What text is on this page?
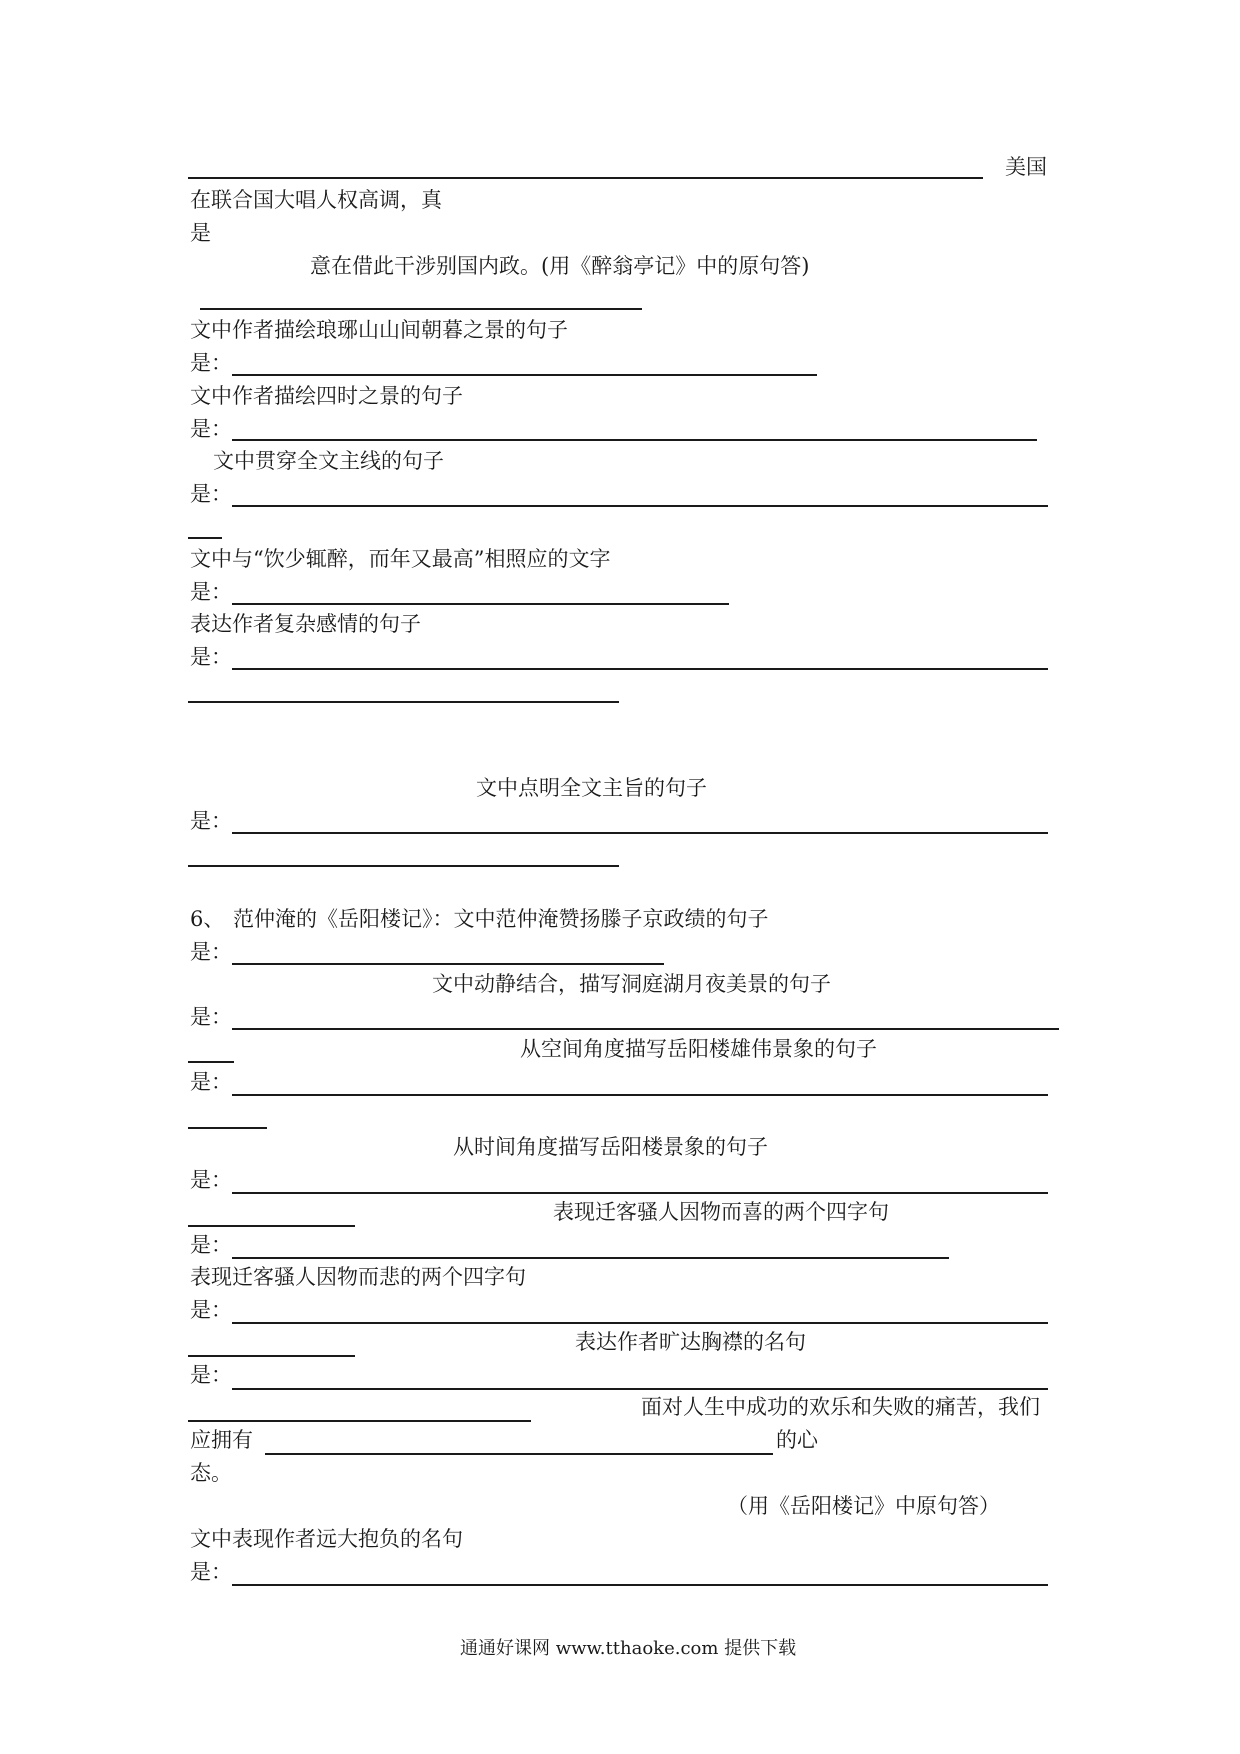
美国
在联合国大唱人权高调，真
是
意在借此干涉别国内政。(用《醉翁亭记》中的原句答)
文中作者描绘琅琊山山间朝暮之景的句子
是：
文中作者描绘四时之景的句子
是：
文中贯穿全文主线的句子
是：
文中与“饮少辄醉，而年又最高”相照应的文字
是：
表达作者复杂感情的句子
是：
文中点明全文主旨的句子
是：
6、 范仲淹的《岳阳楼记》：文中范仲淹赞扬滕子京政绩的句子
是：
文中动静结合，描写洞庭湖月夜美景的句子
是：
从空间角度描写岳阳楼雄伟景象的句子
是：
从时间角度描写岳阳楼景象的句子
是：
表现迁客骚人因物而喜的两个四字句
是：
表现迁客骚人因物而悲的两个四字句
是：
表达作者旷达胸襟的名句
是：
面对人生中成功的欢乐和失败的痛苦，我们
应拥有	的心
态。
（用《岳阳楼记》中原句答）
文中表现作者远大抱负的名句
是：
通通好课网 www.tthaoke.com 提供下载
